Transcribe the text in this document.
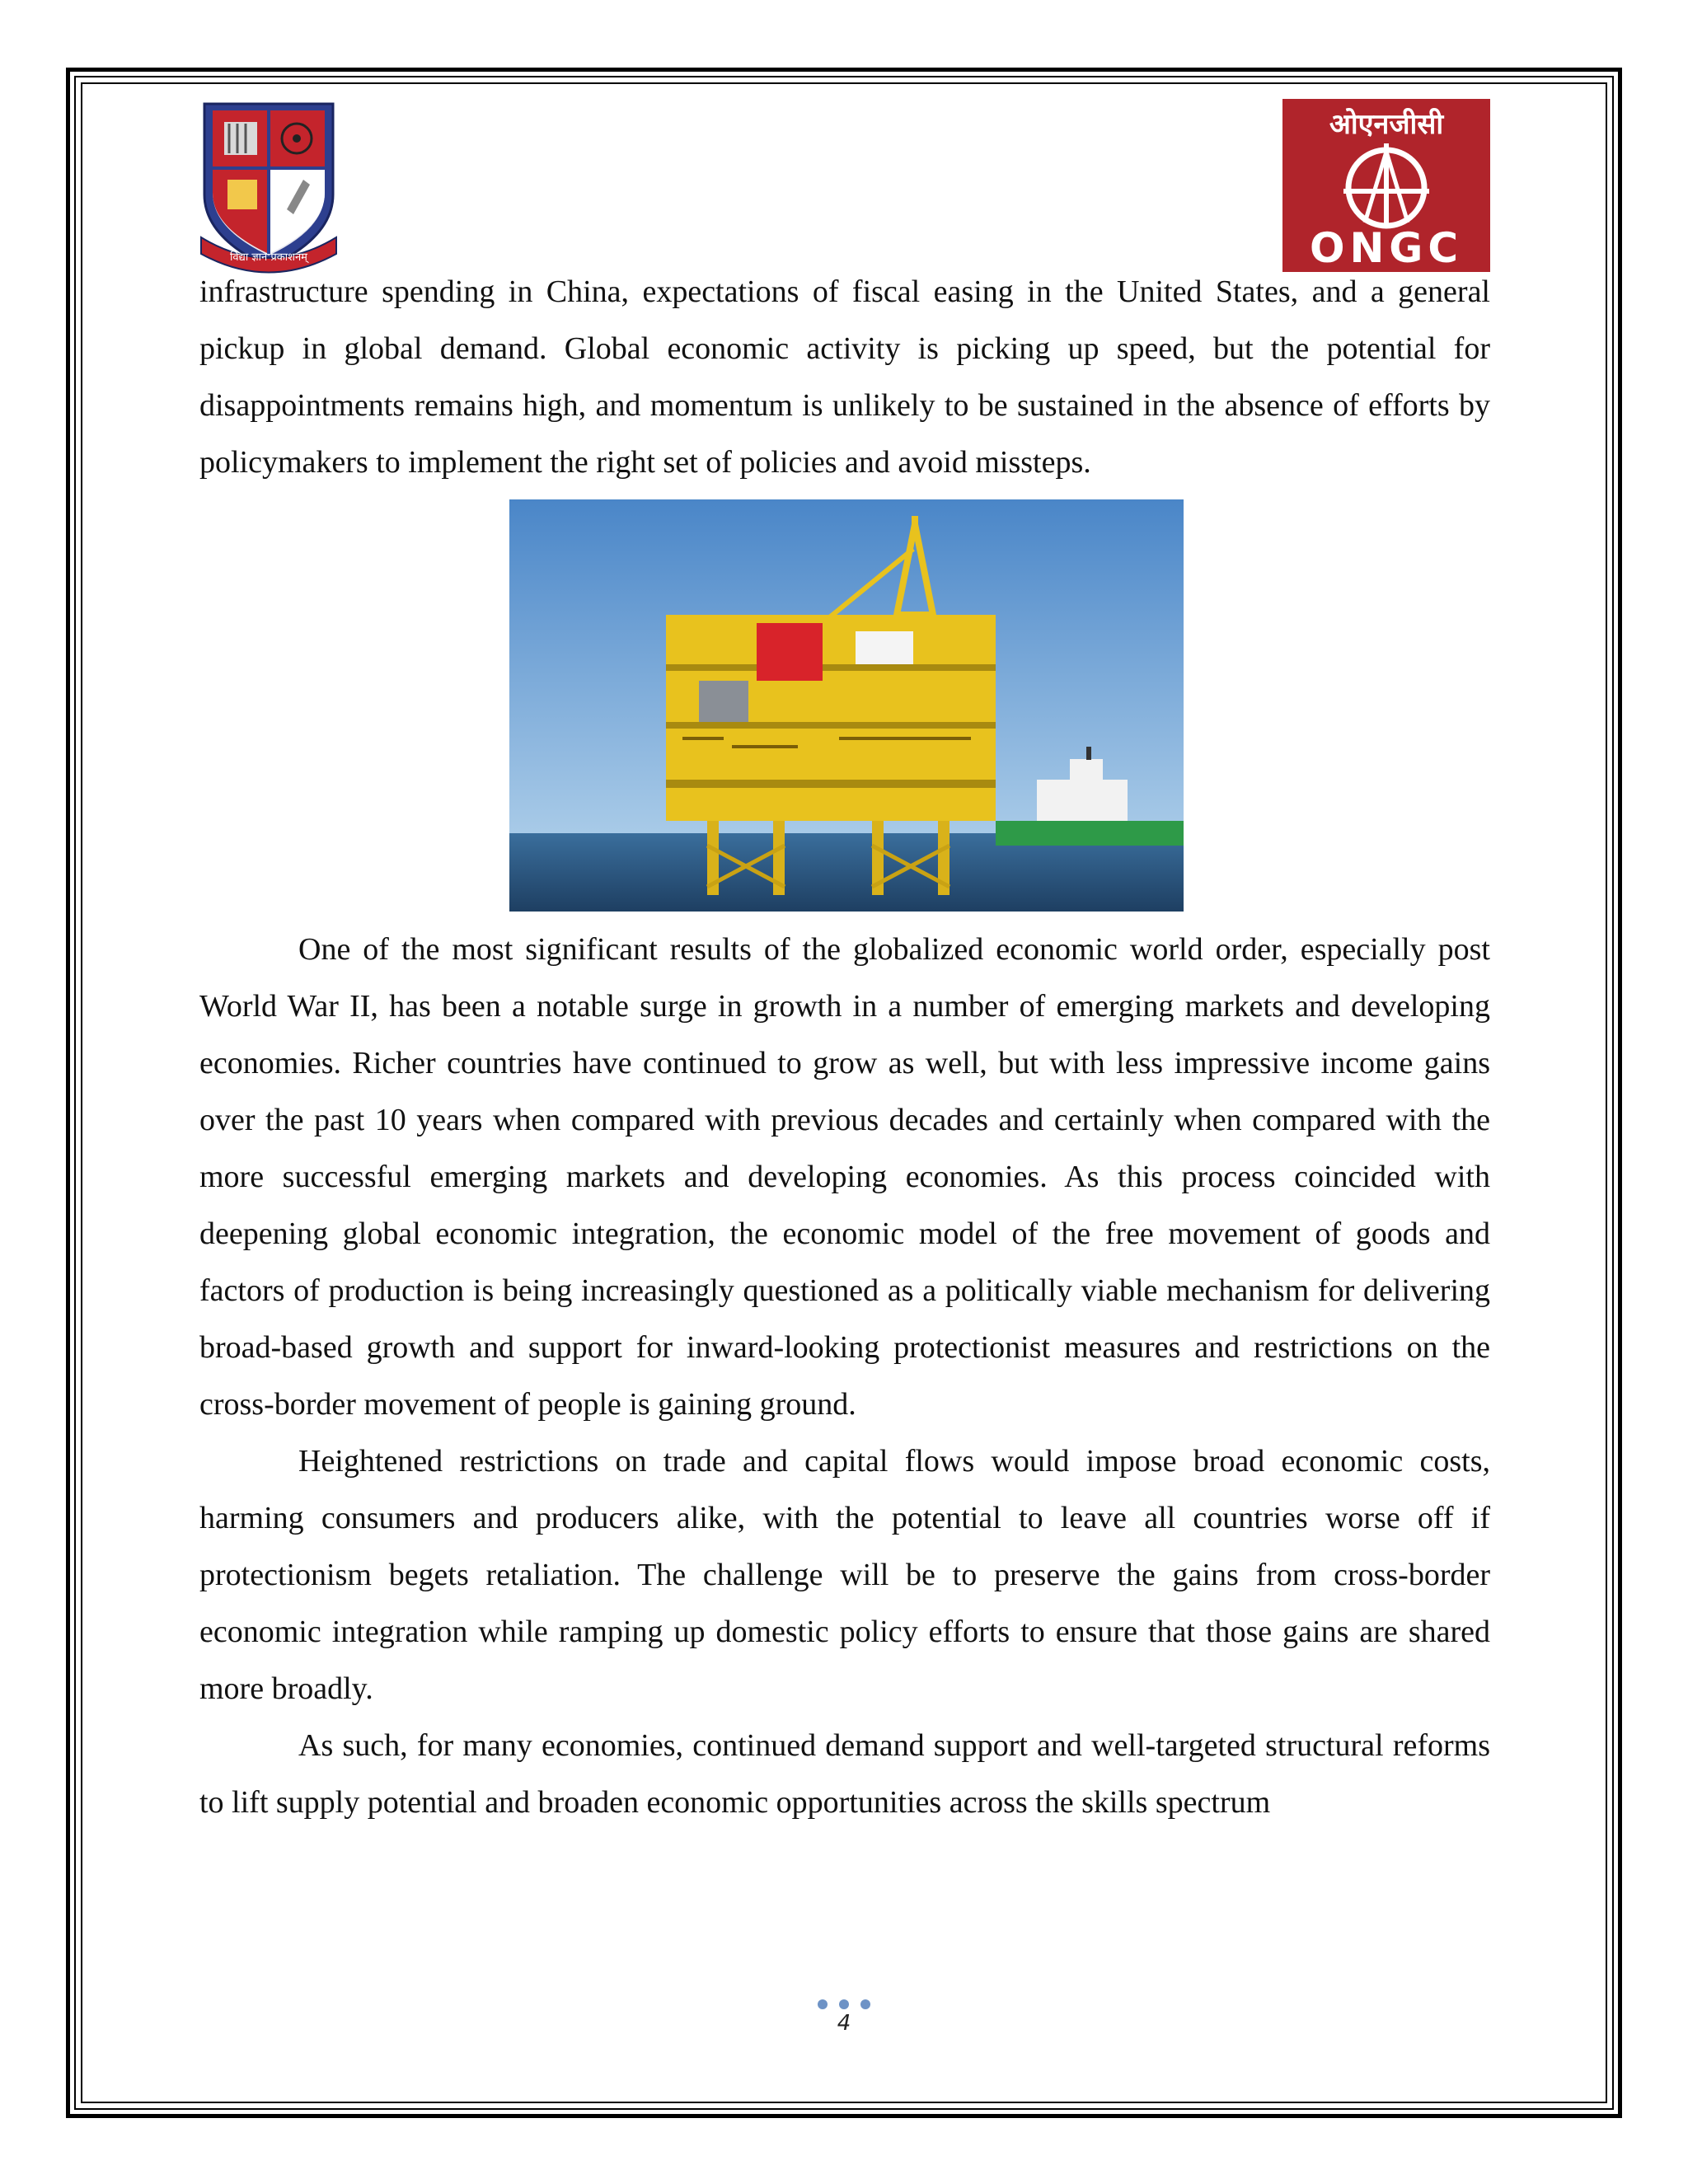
विद्या ज्ञान प्रकाशनम्
ओएनजीसी
ONGC

infrastructure spending in China, expectations of fiscal easing in the United States, and a general pickup in global demand. Global economic activity is picking up speed, but the potential for disappointments remains high, and momentum is unlikely to be sustained in the absence of efforts by policymakers to implement the right set of policies and avoid missteps.

One of the most significant results of the globalized economic world order, especially post World War II, has been a notable surge in growth in a number of emerging markets and developing economies. Richer countries have continued to grow as well, but with less impressive income gains over the past 10 years when compared with previous decades and certainly when compared with the more successful emerging markets and developing economies. As this process coincided with deepening global economic integration, the economic model of the free movement of goods and factors of production is being increasingly questioned as a politically viable mechanism for delivering broad-based growth and support for inward-looking protectionist measures and restrictions on the cross-border movement of people is gaining ground.

Heightened restrictions on trade and capital flows would impose broad economic costs, harming consumers and producers alike, with the potential to leave all countries worse off if protectionism begets retaliation. The challenge will be to preserve the gains from cross-border economic integration while ramping up domestic policy efforts to ensure that those gains are shared more broadly.

As such, for many economies, continued demand support and well-targeted structural reforms to lift supply potential and broaden economic opportunities across the skills spectrum

4
